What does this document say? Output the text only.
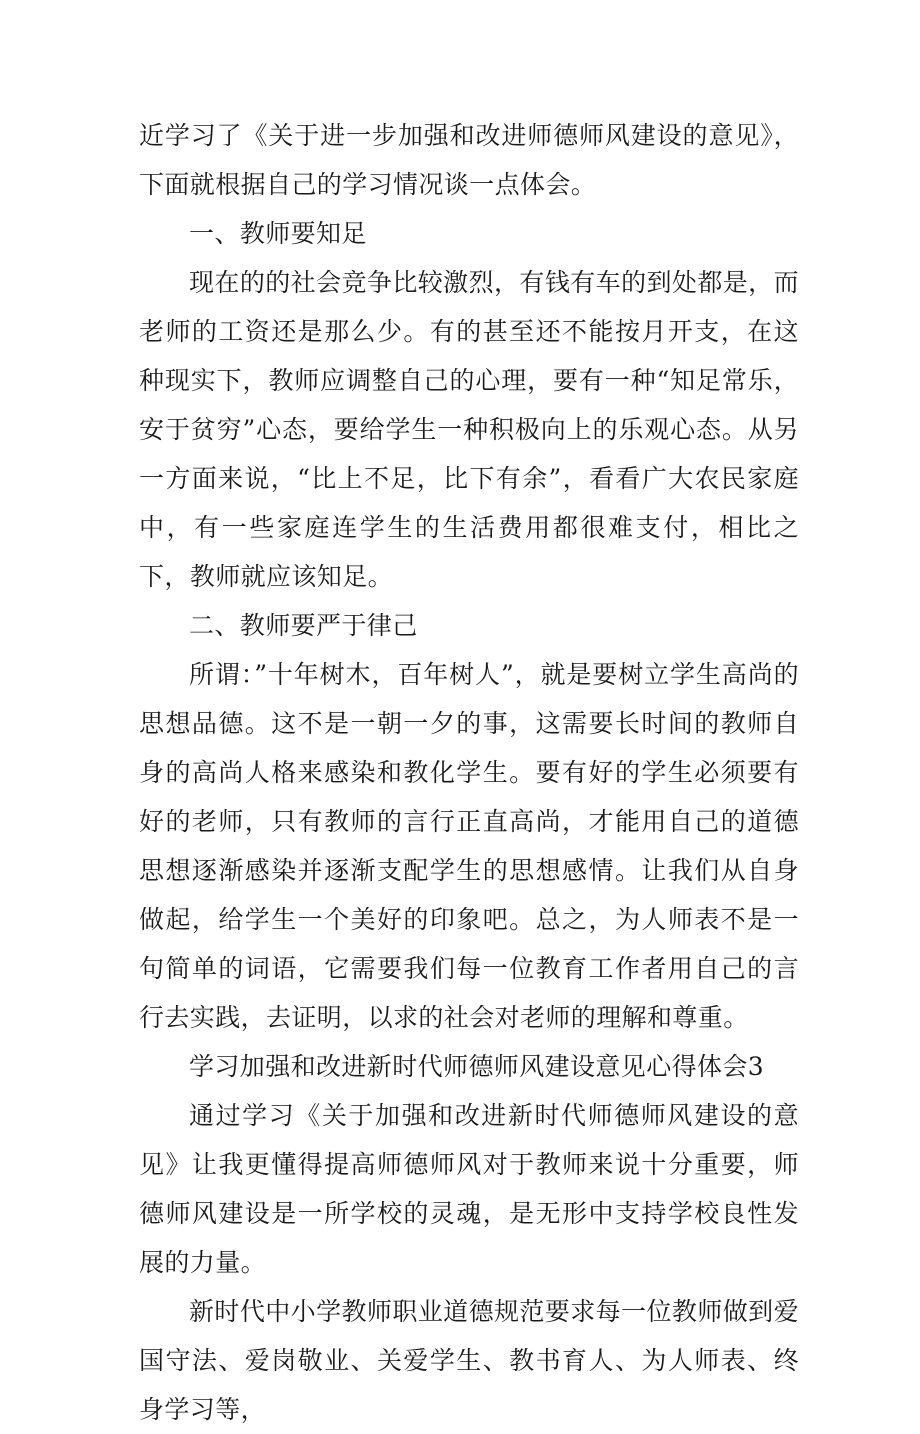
近学习了《关于进一步加强和改进师德师风建设的意见》，下面就根据自己的学习情况谈一点体会。

一、教师要知足

现在的的社会竞争比较激烈，有钱有车的到处都是，而老师的工资还是那么少。有的甚至还不能按月开支，在这种现实下，教师应调整自己的心理，要有一种“知足常乐，安于贫穷”心态，要给学生一种积极向上的乐观心态。从另一方面来说，“比上不足，比下有余”，看看广大农民家庭中，有一些家庭连学生的生活费用都很难支付，相比之下，教师就应该知足。

二、教师要严于律己

所谓：”十年树木，百年树人”，就是要树立学生高尚的思想品德。这不是一朝一夕的事，这需要长时间的教师自身的高尚人格来感染和教化学生。要有好的学生必须要有好的老师，只有教师的言行正直高尚，才能用自己的道德思想逐渐感染并逐渐支配学生的思想感情。让我们从自身做起，给学生一个美好的印象吧。总之，为人师表不是一句简单的词语，它需要我们每一位教育工作者用自己的言行去实践，去证明，以求的社会对老师的理解和尊重。

学习加强和改进新时代师德师风建设意见心得体会3

通过学习《关于加强和改进新时代师德师风建设的意见》让我更懂得提高师德师风对于教师来说十分重要，师德师风建设是一所学校的灵魂，是无形中支持学校良性发展的力量。

新时代中小学教师职业道德规范要求每一位教师做到爱国守法、爱岗敬业、关爱学生、教书育人、为人师表、终身学习等，
